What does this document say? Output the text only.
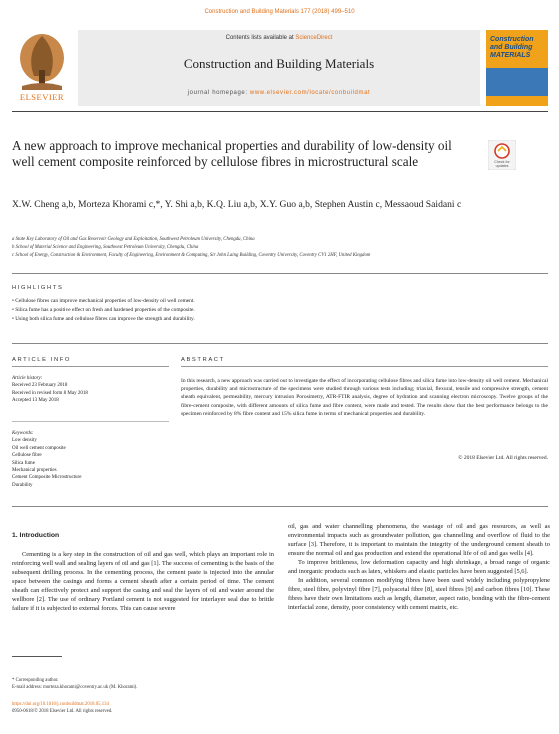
Construction and Building Materials 177 (2018) 499–510
ELSEVIER
Contents lists available at ScienceDirect
Construction and Building Materials
journal homepage: www.elsevier.com/locate/conbuildmat
Construction and Building MATERIALS
A new approach to improve mechanical properties and durability of low-density oil well cement composite reinforced by cellulose fibres in microstructural scale	Check for updates
X.W. Cheng a,b, Morteza Khorami c,*, Y. Shi a,b, K.Q. Liu a,b, X.Y. Guo a,b, Stephen Austin c, Messaoud Saidani c
a State Key Laboratory of Oil and Gas Reservoir Geology and Exploitation, Southwest Petroleum University, Chengdu, China
b School of Material Science and Engineering, Southwest Petroleum University, Chengdu, China
c School of Energy, Construction & Environment, Faculty of Engineering, Environment & Computing, Sir John Laing Building, Coventry University, Coventry CV1 2HF, United Kingdom
HIGHLIGHTS
• Cellulose fibres can improve mechanical properties of low-density oil well cement.
• Silica fume has a positive effect on fresh and hardened properties of the composite.
• Using both silica fume and cellulose fibres can improve the strength and durability.
ARTICLE INFO	ABSTRACT
Article history:
Received 23 February 2018
Received in revised form 8 May 2018
Accepted 13 May 2018
Keywords:
Low density
Oil well cement composite
Cellulose fibre
Silica fume
Mechanical properties
Cement Composite Microstructure
Durability
In this research, a new approach was carried out to investigate the effect of incorporating cellulose fibres and silica fume into low-density oil well cement. Mechanical properties, durability and microstructure of the specimens were studied through various tests including; triaxial, flexural, tensile and compressive strength, cement sheath equivalent, permeability, mercury intrusion Porosimetry, ATR-FTIR analysis, degree of hydration and scanning electron microscopy. Twelve groups of the fibre-cement composite, with different amounts of silica fume and fibre content, were made and tested. The results show that the best performance belongs to the specimen reinforced by 8% fibre content and 15% silica fume in terms of mechanical properties and durability.
© 2018 Elsevier Ltd. All rights reserved.
1. Introduction

Cementing is a key step in the construction of oil and gas well, which plays an important role in reinforcing well wall and sealing layers of oil and gas [1]. The success of cementing is the basis of the subsequent drilling process. In the cementing process, the cement paste is injected into the annular space between the casings and forms a cement sheath after a certain period of time. The cement sheath can effectively protect and support the casing and seal the layers of oil and water around the wellbore [2]. The use of ordinary Portland cement is not suggested for interlayer seal due to brittle failure if it is subjected to external forces. This can cause severe

oil, gas and water channelling phenomena, the wastage of oil and gas resources, as well as environmental impacts such as groundwater pollution, gas channelling and overflow of fluid to the surface [3]. Therefore, it is important to maintain the integrity of the underground cement sheath to ensure the normal oil and gas production and extend the operational life of oil and gas wells [4].

To improve brittleness, low deformation capacity and high shrinkage, a broad range of organic and inorganic products such as latex, whiskers and elastic particles have been suggested [5,6].

In addition, several common modifying fibres have been used widely including polypropylene fibre, steel fibre, polyvinyl fibre [7], polyacetal fibre [8], steel fibres [9] and carbon fibres [10]. These fibres have their own limitations such as length, diameter, aspect ratio, bonding with the fibre-cement interfacial zone, density, poor consistency with cement matrix, etc.

* Corresponding author.
E-mail address: morteza.khorami@coventry.ac.uk (M. Khorami).
https://doi.org/10.1016/j.conbuildmat.2018.05.134
0950-0618/© 2018 Elsevier Ltd. All rights reserved.
